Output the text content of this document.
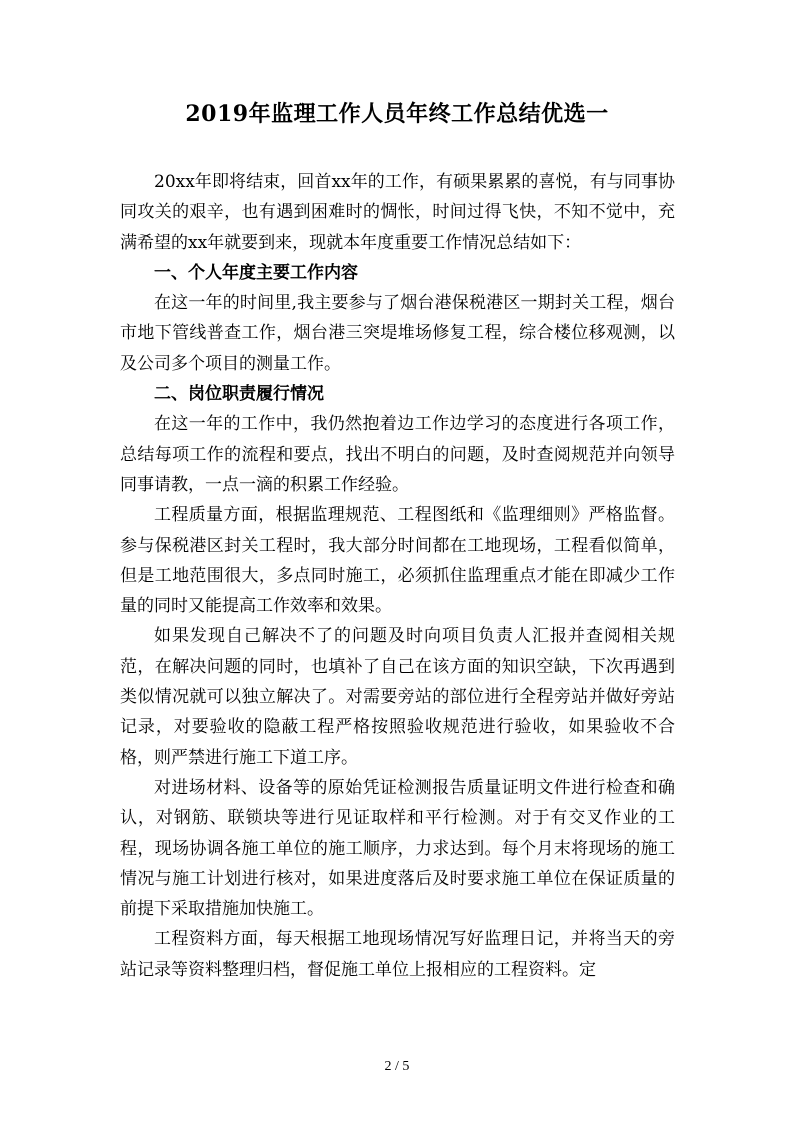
2019年监理工作人员年终工作总结优选一

20xx年即将结束，回首xx年的工作，有硕果累累的喜悦，有与同事协同攻关的艰辛，也有遇到困难时的惆怅，时间过得飞快，不知不觉中，充满希望的xx年就要到来，现就本年度重要工作情况总结如下：

一、个人年度主要工作内容

在这一年的时间里,我主要参与了烟台港保税港区一期封关工程，烟台市地下管线普查工作，烟台港三突堤堆场修复工程，综合楼位移观测，以及公司多个项目的测量工作。

二、岗位职责履行情况

在这一年的工作中，我仍然抱着边工作边学习的态度进行各项工作，总结每项工作的流程和要点，找出不明白的问题，及时查阅规范并向领导同事请教，一点一滴的积累工作经验。

工程质量方面，根据监理规范、工程图纸和《监理细则》严格监督。参与保税港区封关工程时，我大部分时间都在工地现场，工程看似简单，但是工地范围很大，多点同时施工，必须抓住监理重点才能在即减少工作量的同时又能提高工作效率和效果。

如果发现自己解决不了的问题及时向项目负责人汇报并查阅相关规范，在解决问题的同时，也填补了自己在该方面的知识空缺，下次再遇到类似情况就可以独立解决了。对需要旁站的部位进行全程旁站并做好旁站记录，对要验收的隐蔽工程严格按照验收规范进行验收，如果验收不合格，则严禁进行施工下道工序。

对进场材料、设备等的原始凭证检测报告质量证明文件进行检查和确认，对钢筋、联锁块等进行见证取样和平行检测。对于有交叉作业的工程，现场协调各施工单位的施工顺序，力求达到。每个月末将现场的施工情况与施工计划进行核对，如果进度落后及时要求施工单位在保证质量的前提下采取措施加快施工。

工程资料方面，每天根据工地现场情况写好监理日记，并将当天的旁站记录等资料整理归档，督促施工单位上报相应的工程资料。定

2 / 5
